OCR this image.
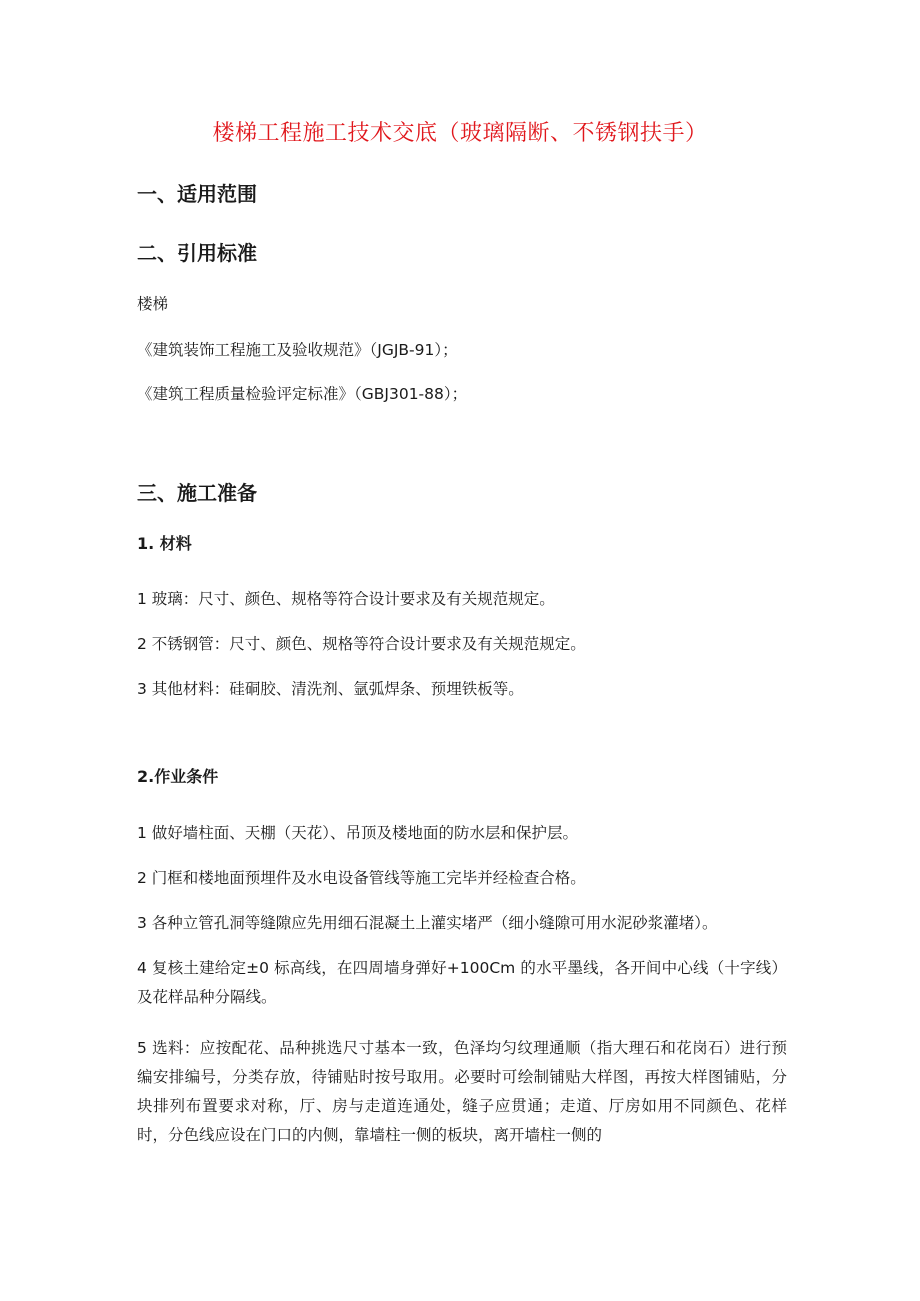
楼梯工程施工技术交底（玻璃隔断、不锈钢扶手）
一、适用范围
二、引用标准
楼梯
《建筑装饰工程施工及验收规范》（JGJB-91）；
《建筑工程质量检验评定标准》（GBJ301-88）；
三、施工准备
1. 材料
1 玻璃：尺寸、颜色、规格等符合设计要求及有关规范规定。
2 不锈钢管：尺寸、颜色、规格等符合设计要求及有关规范规定。
3 其他材料：硅硐胶、清洗剂、氩弧焊条、预埋铁板等。
2.作业条件
1 做好墙柱面、天棚（天花）、吊顶及楼地面的防水层和保护层。
2 门框和楼地面预埋件及水电设备管线等施工完毕并经检查合格。
3 各种立管孔洞等缝隙应先用细石混凝土上灌实堵严（细小缝隙可用水泥砂浆灌堵）。
4 复核土建给定±0 标高线，在四周墙身弹好+100Cm 的水平墨线，各开间中心线（十字线）及花样品种分隔线。
5 选料：应按配花、品种挑选尺寸基本一致，色泽均匀纹理通顺（指大理石和花岗石）进行预编安排编号，分类存放，待铺贴时按号取用。必要时可绘制铺贴大样图，再按大样图铺贴，分块排列布置要求对称，厅、房与走道连通处，缝子应贯通；走道、厅房如用不同颜色、花样时，分色线应设在门口的内侧，靠墙柱一侧的板块，离开墙柱一侧的
